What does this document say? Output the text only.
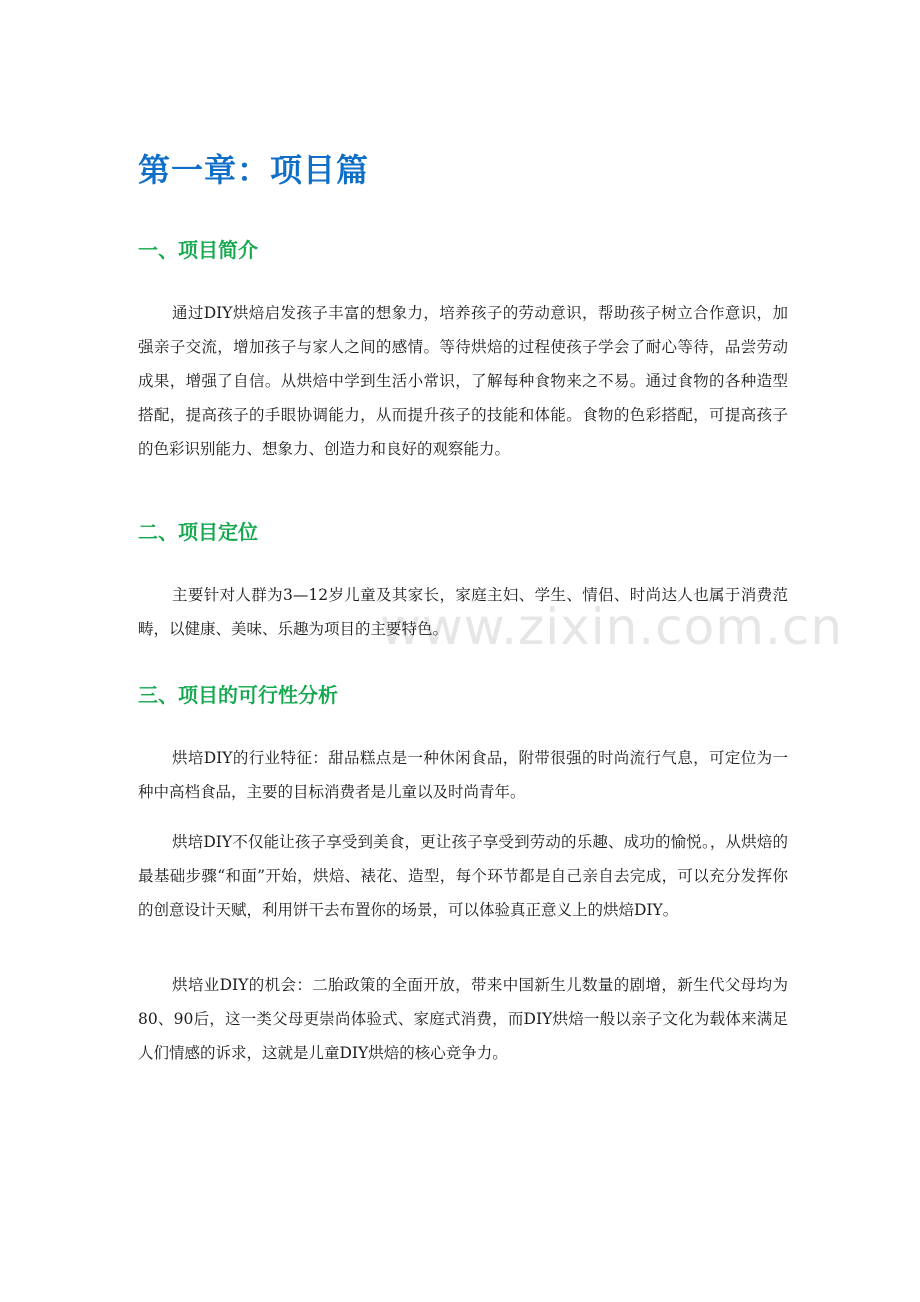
www.zixin.com.cn
第一章：项目篇
一、项目简介

通过DIY烘焙启发孩子丰富的想象力，培养孩子的劳动意识，帮助孩子树立合作意识，加强亲子交流，增加孩子与家人之间的感情。等待烘焙的过程使孩子学会了耐心等待，品尝劳动成果，增强了自信。从烘焙中学到生活小常识，了解每种食物来之不易。通过食物的各种造型搭配，提高孩子的手眼协调能力，从而提升孩子的技能和体能。食物的色彩搭配，可提高孩子的色彩识别能力、想象力、创造力和良好的观察能力。

二、项目定位

主要针对人群为3—12岁儿童及其家长，家庭主妇、学生、情侣、时尚达人也属于消费范畴，以健康、美味、乐趣为项目的主要特色。

三、项目的可行性分析

烘培DIY的行业特征：甜品糕点是一种休闲食品，附带很强的时尚流行气息，可定位为一种中高档食品，主要的目标消费者是儿童以及时尚青年。

烘培DIY不仅能让孩子享受到美食，更让孩子享受到劳动的乐趣、成功的愉悦。，从烘焙的最基础步骤“和面”开始，烘焙、裱花、造型，每个环节都是自己亲自去完成，可以充分发挥你的创意设计天赋，利用饼干去布置你的场景，可以体验真正意义上的烘焙DIY。

烘培业DIY的机会：二胎政策的全面开放，带来中国新生儿数量的剧增，新生代父母均为80、90后，这一类父母更崇尚体验式、家庭式消费，而DIY烘焙一般以亲子文化为载体来满足人们情感的诉求，这就是儿童DIY烘焙的核心竞争力。
